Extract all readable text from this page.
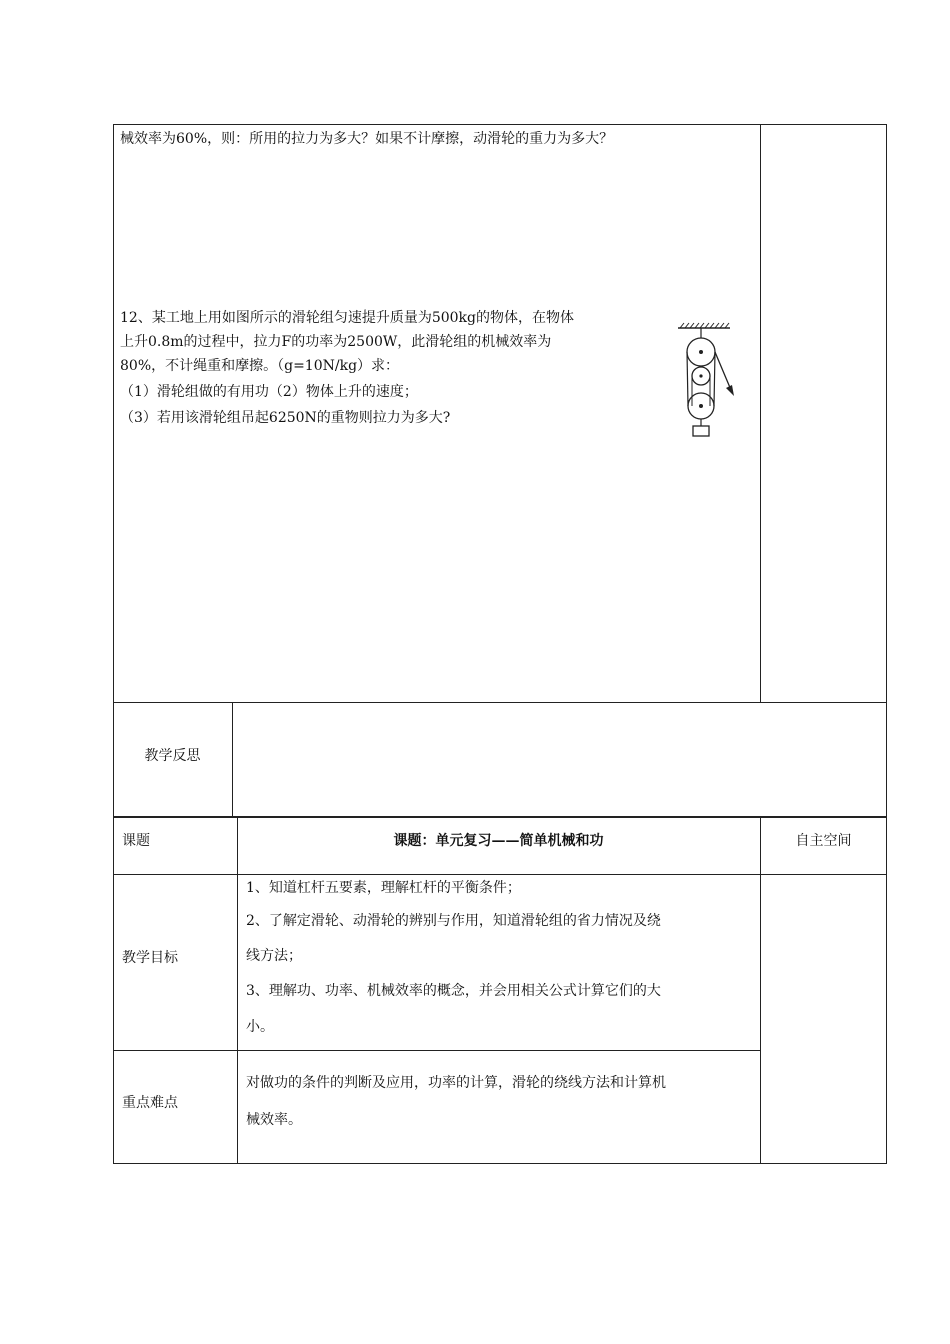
械效率为60%，则：所用的拉力为多大？如果不计摩擦，动滑轮的重力为多大？
12、某工地上用如图所示的滑轮组匀速提升质量为500kg的物体，在物体
上升0.8m的过程中，拉力F的功率为2500W，此滑轮组的机械效率为
80%，不计绳重和摩擦。（g=10N/kg）求：
（1）滑轮组做的有用功（2）物体上升的速度；
（3）若用该滑轮组吊起6250N的重物则拉力为多大?
教学反思
课题	课题：单元复习——简单机械和功	自主空间
教学目标
1、知道杠杆五要素，理解杠杆的平衡条件；
2、了解定滑轮、动滑轮的辨别与作用，知道滑轮组的省力情况及绕
线方法；
3、理解功、功率、机械效率的概念，并会用相关公式计算它们的大
小。
重点难点
对做功的条件的判断及应用，功率的计算，滑轮的绕线方法和计算机
械效率。
